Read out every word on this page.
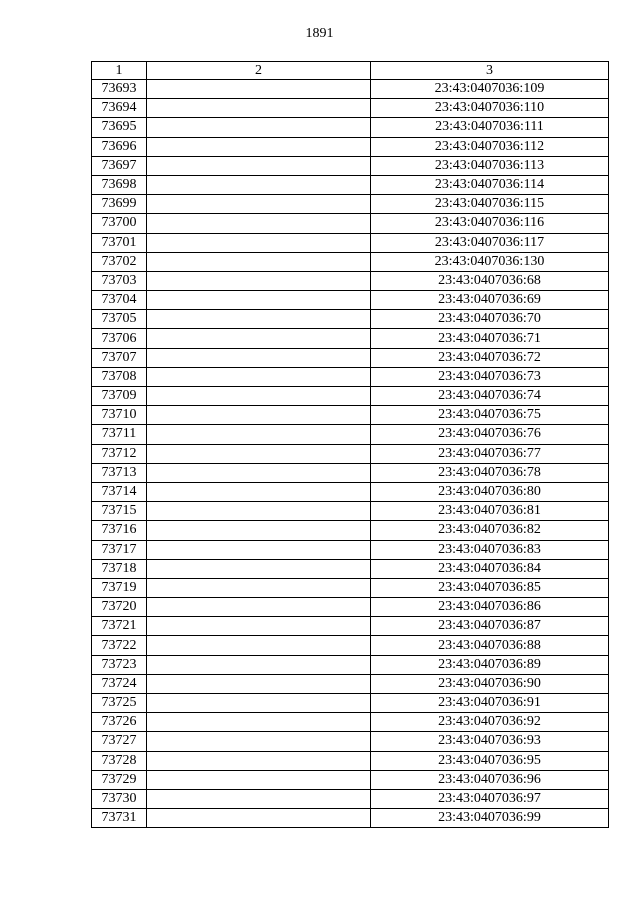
1891
1	2	3
73693		23:43:0407036:109
73694		23:43:0407036:110
73695		23:43:0407036:111
73696		23:43:0407036:112
73697		23:43:0407036:113
73698		23:43:0407036:114
73699		23:43:0407036:115
73700		23:43:0407036:116
73701		23:43:0407036:117
73702		23:43:0407036:130
73703		23:43:0407036:68
73704		23:43:0407036:69
73705		23:43:0407036:70
73706		23:43:0407036:71
73707		23:43:0407036:72
73708		23:43:0407036:73
73709		23:43:0407036:74
73710		23:43:0407036:75
73711		23:43:0407036:76
73712		23:43:0407036:77
73713		23:43:0407036:78
73714		23:43:0407036:80
73715		23:43:0407036:81
73716		23:43:0407036:82
73717		23:43:0407036:83
73718		23:43:0407036:84
73719		23:43:0407036:85
73720		23:43:0407036:86
73721		23:43:0407036:87
73722		23:43:0407036:88
73723		23:43:0407036:89
73724		23:43:0407036:90
73725		23:43:0407036:91
73726		23:43:0407036:92
73727		23:43:0407036:93
73728		23:43:0407036:95
73729		23:43:0407036:96
73730		23:43:0407036:97
73731		23:43:0407036:99
